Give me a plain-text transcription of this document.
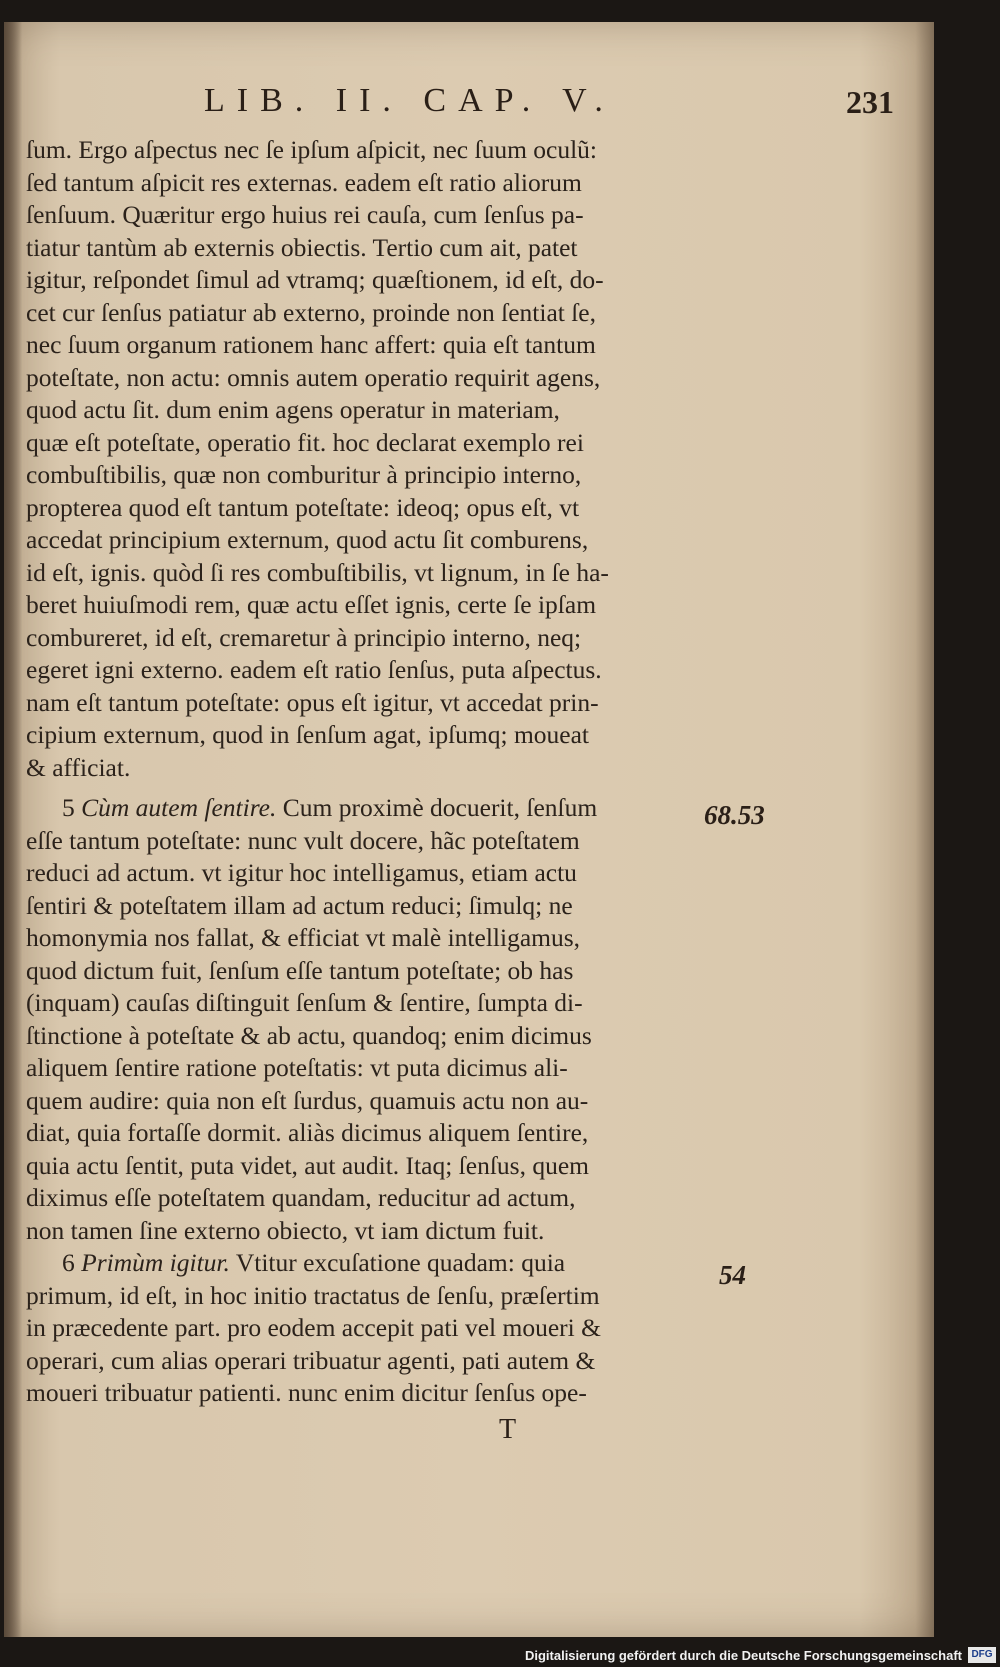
LIB. II. CAP. V.	231
ſum. Ergo aſpectus nec ſe ipſum aſpicit, nec ſuum oculũ:
ſed tantum aſpicit res externas. eadem eſt ratio aliorum
ſenſuum. Quæritur ergo huius rei cauſa, cum ſenſus pa-
tiatur tantùm ab externis obiectis. Tertio cum ait, patet
igitur, reſpondet ſimul ad vtramq; quæſtionem, id eſt, do-
cet cur ſenſus patiatur ab externo, proinde non ſentiat ſe,
nec ſuum organum rationem hanc affert: quia eſt tantum
poteſtate, non actu: omnis autem operatio requirit agens,
quod actu ſit. dum enim agens operatur in materiam,
quæ eſt poteſtate, operatio fit. hoc declarat exemplo rei
combuſtibilis, quæ non comburitur à principio interno,
propterea quod eſt tantum poteſtate: ideoq; opus eſt, vt
accedat principium externum, quod actu ſit comburens,
id eſt, ignis. quòd ſi res combuſtibilis, vt lignum, in ſe ha-
beret huiuſmodi rem, quæ actu eſſet ignis, certe ſe ipſam
combureret, id eſt, cremaretur à principio interno, neq;
egeret igni externo. eadem eſt ratio ſenſus, puta aſpectus.
nam eſt tantum poteſtate: opus eſt igitur, vt accedat prin-
cipium externum, quod in ſenſum agat, ipſumq; moueat
& afficiat.
5 Cùm autem ſentire. Cum proximè docuerit, ſenſum
eſſe tantum poteſtate: nunc vult docere, hãc poteſtatem
reduci ad actum. vt igitur hoc intelligamus, etiam actu
ſentiri & poteſtatem illam ad actum reduci; ſimulq; ne
homonymia nos fallat, & efficiat vt malè intelligamus,
quod dictum fuit, ſenſum eſſe tantum poteſtate; ob has
(inquam) cauſas diſtinguit ſenſum & ſentire, ſumpta di-
ſtinctione à poteſtate & ab actu, quandoq; enim dicimus
aliquem ſentire ratione poteſtatis: vt puta dicimus ali-
quem audire: quia non eſt ſurdus, quamuis actu non au-
diat, quia fortaſſe dormit. aliàs dicimus aliquem ſentire,
quia actu ſentit, puta videt, aut audit. Itaq; ſenſus, quem
diximus eſſe poteſtatem quandam, reducitur ad actum,
non tamen ſine externo obiecto, vt iam dictum fuit.
6 Primùm igitur. Vtitur excuſatione quadam: quia
primum, id eſt, in hoc initio tractatus de ſenſu, præſertim
in præcedente part. pro eodem accepit pati vel moueri &
operari, cum alias operari tribuatur agenti, pati autem &
moueri tribuatur patienti. nunc enim dicitur ſenſus ope-
68.53
54
T
Digitalisierung gefördert durch die Deutsche Forschungsgemeinschaft DFG
